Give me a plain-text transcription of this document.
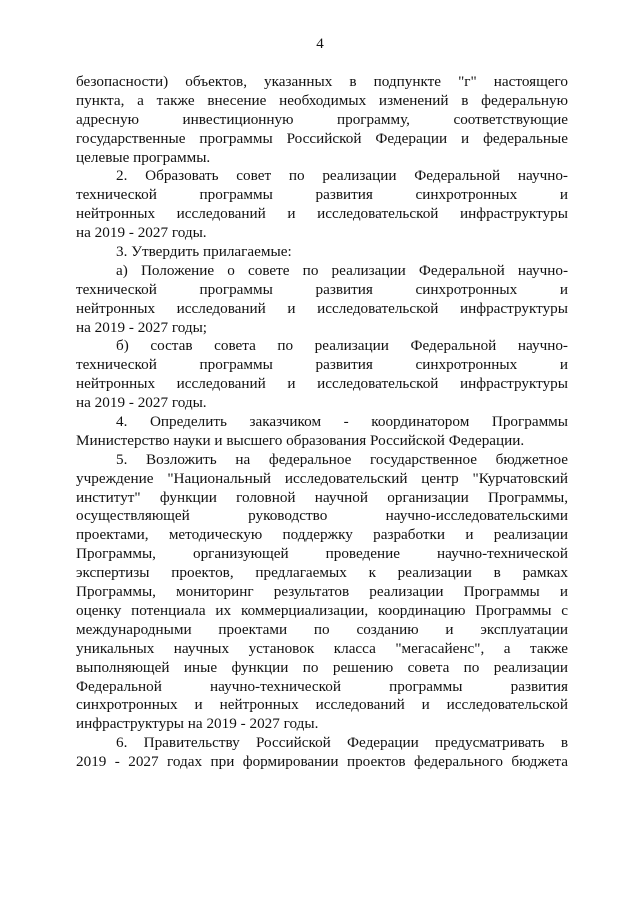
4
безопасности) объектов, указанных в подпункте "г" настоящего
пункта, а также внесение необходимых изменений в федеральную
адресную инвестиционную программу, соответствующие
государственные программы Российской Федерации и федеральные
целевые программы.
2. Образовать совет по реализации Федеральной научно-
технической программы развития синхротронных и
нейтронных исследований и исследовательской инфраструктуры
на 2019 - 2027 годы.
3. Утвердить прилагаемые:
а) Положение о совете по реализации Федеральной научно-
технической программы развития синхротронных и
нейтронных исследований и исследовательской инфраструктуры
на 2019 - 2027 годы;
б) состав совета по реализации Федеральной научно-
технической программы развития синхротронных и
нейтронных исследований и исследовательской инфраструктуры
на 2019 - 2027 годы.
4. Определить заказчиком - координатором Программы
Министерство науки и высшего образования Российской Федерации.
5. Возложить на федеральное государственное бюджетное
учреждение "Национальный исследовательский центр "Курчатовский
институт" функции головной научной организации Программы,
осуществляющей руководство научно-исследовательскими
проектами, методическую поддержку разработки и реализации
Программы, организующей проведение научно-технической
экспертизы проектов, предлагаемых к реализации в рамках
Программы, мониторинг результатов реализации Программы и
оценку потенциала их коммерциализации, координацию Программы с
международными проектами по созданию и эксплуатации
уникальных научных установок класса "мегасайенс", а также
выполняющей иные функции по решению совета по реализации
Федеральной научно-технической программы развития
синхротронных и нейтронных исследований и исследовательской
инфраструктуры на 2019 - 2027 годы.
6. Правительству Российской Федерации предусматривать в
2019 - 2027 годах при формировании проектов федерального бюджета
